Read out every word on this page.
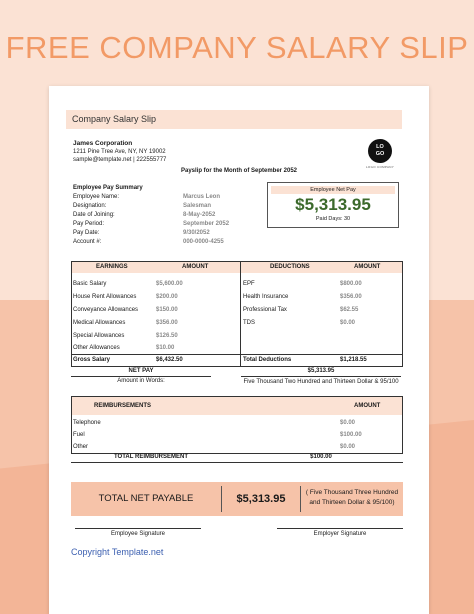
FREE COMPANY SALARY SLIP
Company Salary Slip
James Corporation
1211 Pine Tree Ave, NY, NY 19002
sample@template.net | 222555777
LO GO
LOGO COMPANY
Payslip for the Month of September 2052
Employee Pay Summary
Employee Name:	Marcus Leon
Designation:	Salesman
Date of Joining:	8-May-2052
Pay Period:	September 2052
Pay Date:	9/30/2052
Account #:	000-0000-4255
Employee Net Pay
$5,313.95
Paid Days: 30
EARNINGS	AMOUNT	DEDUCTIONS	AMOUNT
Basic Salary	$5,600.00	EPF	$800.00
House Rent Allowances	$200.00	Health Insurance	$356.00
Conveyance Allowances	$150.00	Professional Tax	$62.55
Medical Allowances	$356.00	TDS	$0.00
Special Allowances	$126.50
Other Allowances	$10.00
Gross Salary	$6,432.50	Total Deductions	$1,218.55
NET PAY	$5,313.95
Amount in Words:	Five Thousand Two Hundred and Thirteen Dollar & 95/100
REIMBURSEMENTS	AMOUNT
Telephone	$0.00
Fuel	$100.00
Other	$0.00
TOTAL REIMBURSEMENT	$100.00
TOTAL NET PAYABLE	$5,313.95
( Five Thousand Three Hundred and Thirteen Dollar & 95/100)
Employee Signature	Employer Signature
Copyright Template.net
